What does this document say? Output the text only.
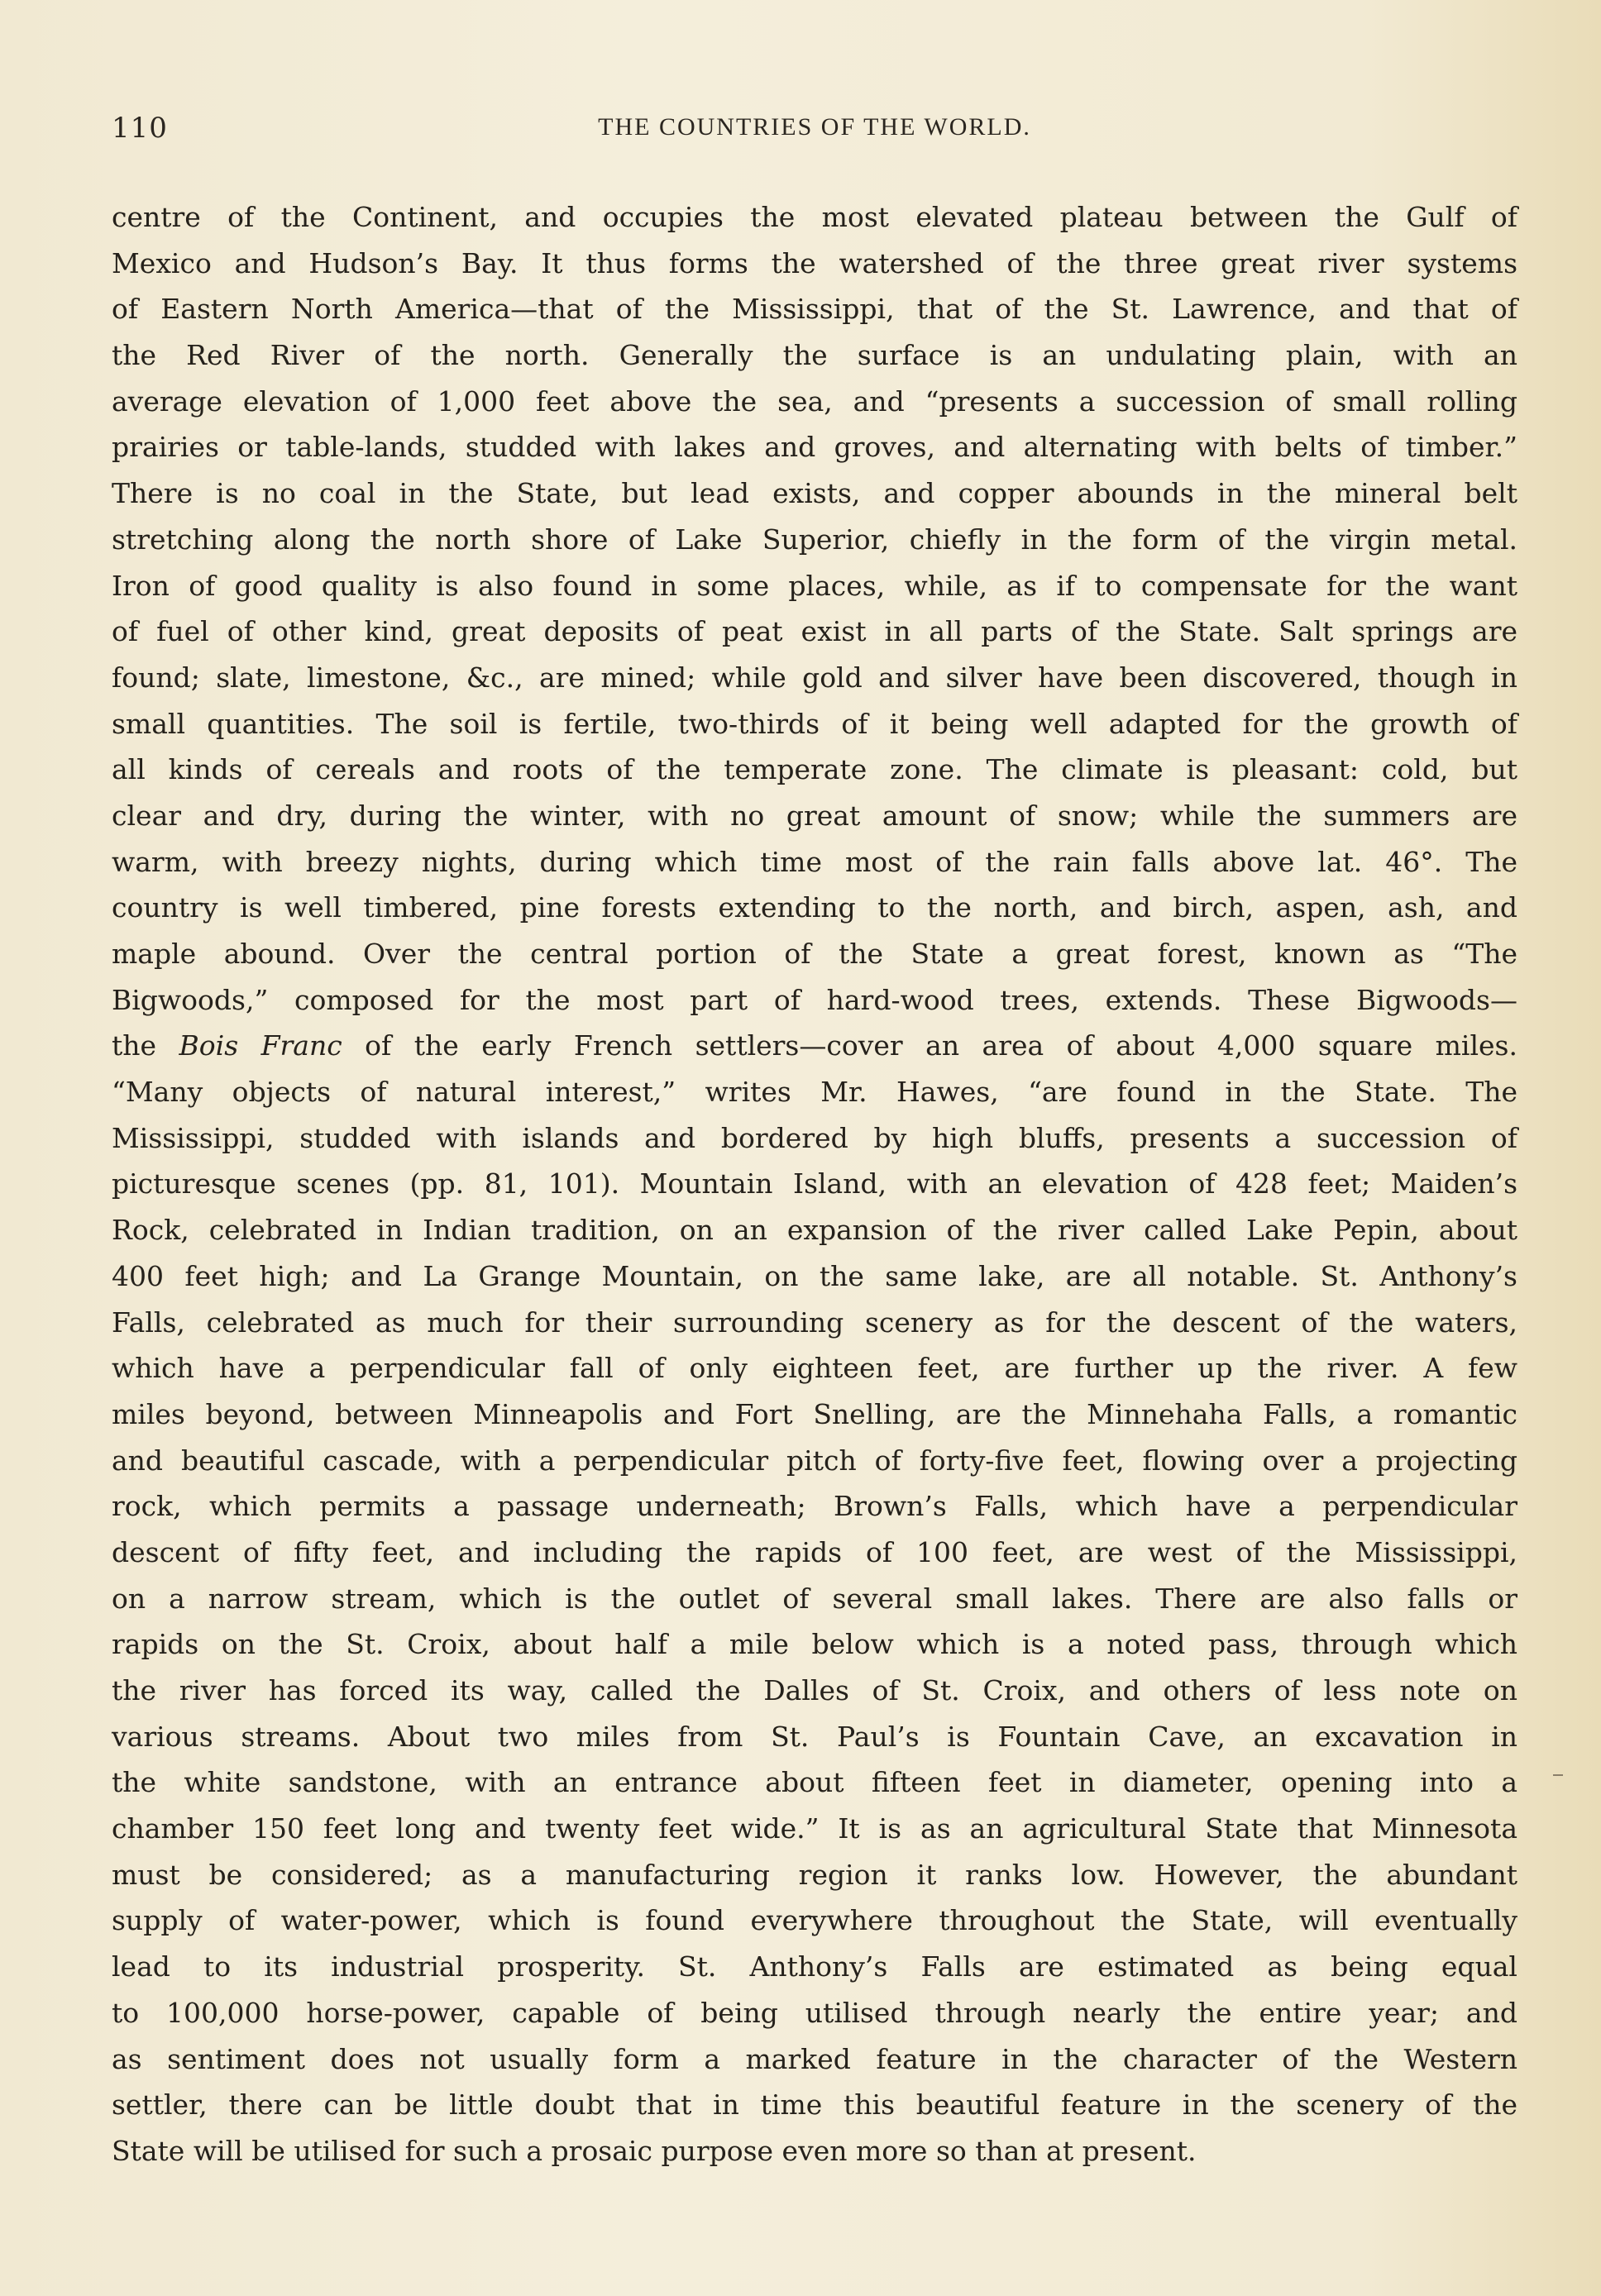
110	THE COUNTRIES OF THE WORLD.
centre of the Continent, and occupies the most elevated plateau between the Gulf of
Mexico and Hudson’s Bay. It thus forms the watershed of the three great river systems
of Eastern North America—that of the Mississippi, that of the St. Lawrence, and that of
the Red River of the north. Generally the surface is an undulating plain, with an
average elevation of 1,000 feet above the sea, and “presents a succession of small rolling
prairies or table-lands, studded with lakes and groves, and alternating with belts of timber.”
There is no coal in the State, but lead exists, and copper abounds in the mineral belt
stretching along the north shore of Lake Superior, chiefly in the form of the virgin metal.
Iron of good quality is also found in some places, while, as if to compensate for the want
of fuel of other kind, great deposits of peat exist in all parts of the State. Salt springs are
found; slate, limestone, &c., are mined; while gold and silver have been discovered, though in
small quantities. The soil is fertile, two-thirds of it being well adapted for the growth of
all kinds of cereals and roots of the temperate zone. The climate is pleasant: cold, but
clear and dry, during the winter, with no great amount of snow; while the summers are
warm, with breezy nights, during which time most of the rain falls above lat. 46°. The
country is well timbered, pine forests extending to the north, and birch, aspen, ash, and
maple abound. Over the central portion of the State a great forest, known as “The
Bigwoods,” composed for the most part of hard-wood trees, extends. These Bigwoods—
the Bois Franc of the early French settlers—cover an area of about 4,000 square miles.
“Many objects of natural interest,” writes Mr. Hawes, “are found in the State. The
Mississippi, studded with islands and bordered by high bluffs, presents a succession of
picturesque scenes (pp. 81, 101). Mountain Island, with an elevation of 428 feet; Maiden’s
Rock, celebrated in Indian tradition, on an expansion of the river called Lake Pepin, about
400 feet high; and La Grange Mountain, on the same lake, are all notable. St. Anthony’s
Falls, celebrated as much for their surrounding scenery as for the descent of the waters,
which have a perpendicular fall of only eighteen feet, are further up the river. A few
miles beyond, between Minneapolis and Fort Snelling, are the Minnehaha Falls, a romantic
and beautiful cascade, with a perpendicular pitch of forty-five feet, flowing over a projecting
rock, which permits a passage underneath; Brown’s Falls, which have a perpendicular
descent of fifty feet, and including the rapids of 100 feet, are west of the Mississippi,
on a narrow stream, which is the outlet of several small lakes. There are also falls or
rapids on the St. Croix, about half a mile below which is a noted pass, through which
the river has forced its way, called the Dalles of St. Croix, and others of less note on
various streams. About two miles from St. Paul’s is Fountain Cave, an excavation in
the white sandstone, with an entrance about fifteen feet in diameter, opening into a
chamber 150 feet long and twenty feet wide.” It is as an agricultural State that Minnesota
must be considered; as a manufacturing region it ranks low. However, the abundant
supply of water-power, which is found everywhere throughout the State, will eventually
lead to its industrial prosperity. St. Anthony’s Falls are estimated as being equal
to 100,000 horse-power, capable of being utilised through nearly the entire year; and
as sentiment does not usually form a marked feature in the character of the Western
settler, there can be little doubt that in time this beautiful feature in the scenery of the
State will be utilised for such a prosaic purpose even more so than at present.
